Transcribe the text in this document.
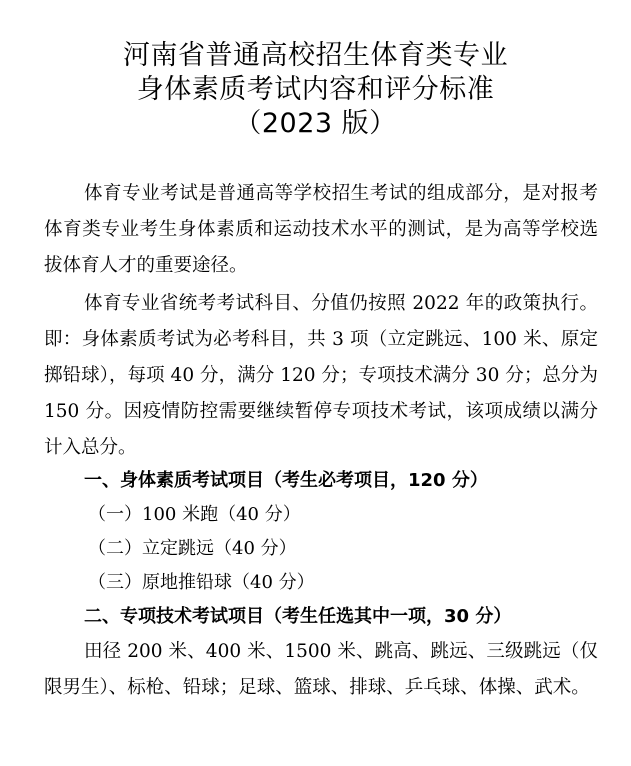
河南省普通高校招生体育类专业
身体素质考试内容和评分标准
（2023 版）

体育专业考试是普通高等学校招生考试的组成部分，是对报考体育类专业考生身体素质和运动技术水平的测试，是为高等学校选拔体育人才的重要途径。

体育专业省统考考试科目、分值仍按照 2022 年的政策执行。即：身体素质考试为必考科目，共 3 项（立定跳远、100 米、原定掷铅球），每项 40 分，满分 120 分；专项技术满分 30 分；总分为 150 分。因疫情防控需要继续暂停专项技术考试，该项成绩以满分计入总分。

一、身体素质考试项目（考生必考项目，120 分）

（一）100 米跑（40 分）

（二）立定跳远（40 分）

（三）原地推铅球（40 分）

二、专项技术考试项目（考生任选其中一项，30 分）

田径 200 米、400 米、1500 米、跳高、跳远、三级跳远（仅限男生）、标枪、铅球；足球、篮球、排球、乒乓球、体操、武术。
